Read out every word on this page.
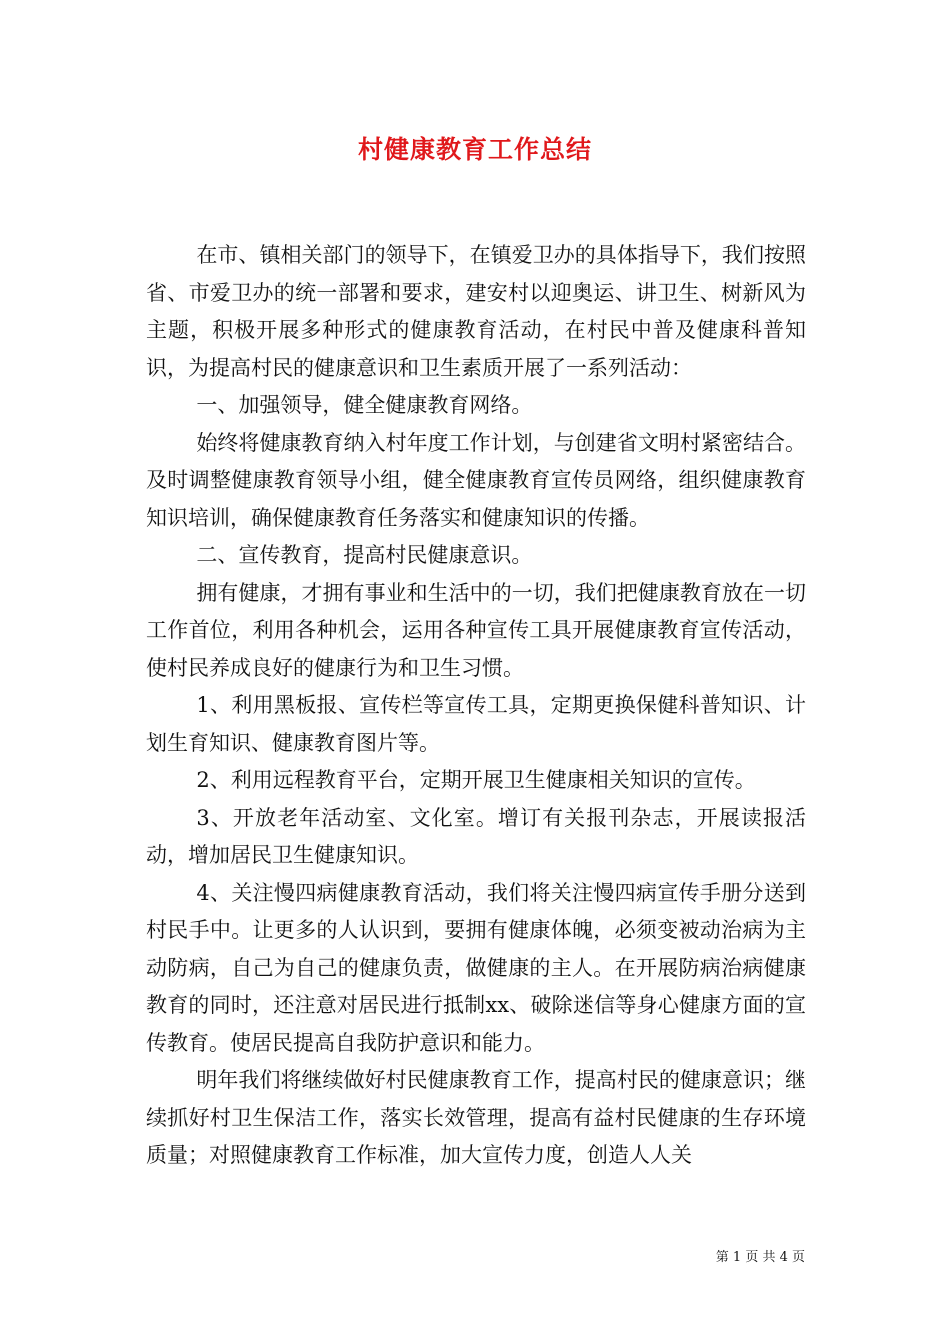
村健康教育工作总结

在市、镇相关部门的领导下，在镇爱卫办的具体指导下，我们按照省、市爱卫办的统一部署和要求，建安村以迎奥运、讲卫生、树新风为主题，积极开展多种形式的健康教育活动，在村民中普及健康科普知识，为提高村民的健康意识和卫生素质开展了一系列活动：

一、加强领导，健全健康教育网络。

始终将健康教育纳入村年度工作计划，与创建省文明村紧密结合。及时调整健康教育领导小组，健全健康教育宣传员网络，组织健康教育知识培训，确保健康教育任务落实和健康知识的传播。

二、宣传教育，提高村民健康意识。

拥有健康，才拥有事业和生活中的一切，我们把健康教育放在一切工作首位，利用各种机会，运用各种宣传工具开展健康教育宣传活动，使村民养成良好的健康行为和卫生习惯。

1、利用黑板报、宣传栏等宣传工具，定期更换保健科普知识、计划生育知识、健康教育图片等。

2、利用远程教育平台，定期开展卫生健康相关知识的宣传。

3、开放老年活动室、文化室。增订有关报刊杂志，开展读报活动，增加居民卫生健康知识。

4、关注慢四病健康教育活动，我们将关注慢四病宣传手册分送到村民手中。让更多的人认识到，要拥有健康体魄，必须变被动治病为主动防病，自己为自己的健康负责，做健康的主人。在开展防病治病健康教育的同时，还注意对居民进行抵制xx、破除迷信等身心健康方面的宣传教育。使居民提高自我防护意识和能力。

明年我们将继续做好村民健康教育工作，提高村民的健康意识；继续抓好村卫生保洁工作，落实长效管理，提高有益村民健康的生存环境质量；对照健康教育工作标准，加大宣传力度，创造人人关

第 1 页 共 4 页
